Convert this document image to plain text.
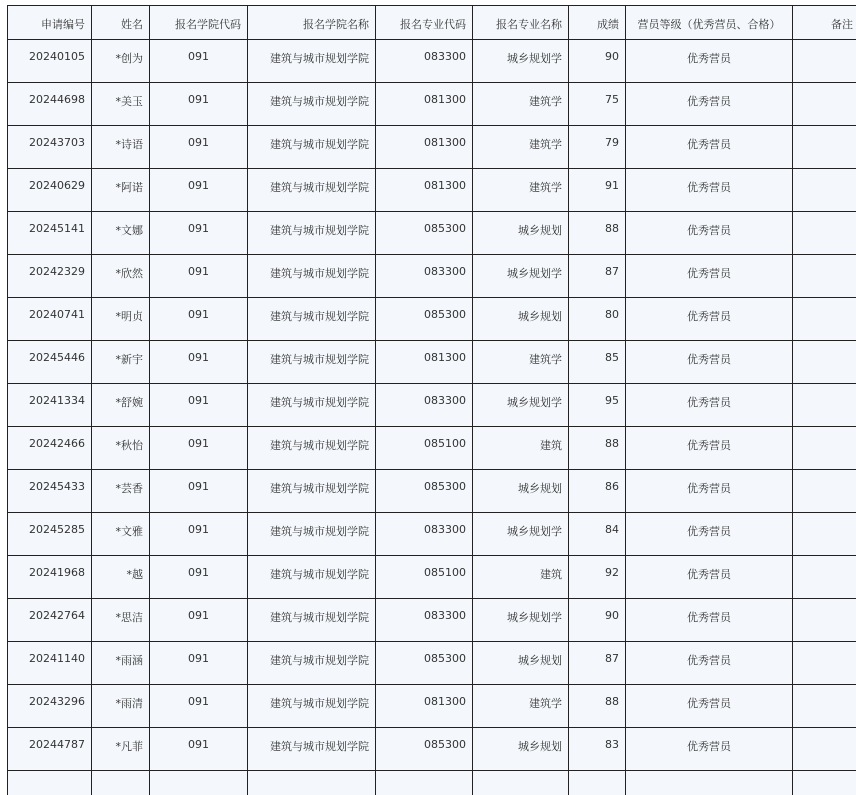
申请编号	姓名	报名学院代码	报名学院名称	报名专业代码	报名专业名称	成绩	营员等级（优秀营员、合格）	备注
20240105	*创为	091	建筑与城市规划学院	083300	城乡规划学	90	优秀营员	
20244698	*美玉	091	建筑与城市规划学院	081300	建筑学	75	优秀营员	
20243703	*诗语	091	建筑与城市规划学院	081300	建筑学	79	优秀营员	
20240629	*阿诺	091	建筑与城市规划学院	081300	建筑学	91	优秀营员	
20245141	*文娜	091	建筑与城市规划学院	085300	城乡规划	88	优秀营员	
20242329	*欣然	091	建筑与城市规划学院	083300	城乡规划学	87	优秀营员	
20240741	*明贞	091	建筑与城市规划学院	085300	城乡规划	80	优秀营员	
20245446	*新宇	091	建筑与城市规划学院	081300	建筑学	85	优秀营员	
20241334	*舒婉	091	建筑与城市规划学院	083300	城乡规划学	95	优秀营员	
20242466	*秋怡	091	建筑与城市规划学院	085100	建筑	88	优秀营员	
20245433	*芸香	091	建筑与城市规划学院	085300	城乡规划	86	优秀营员	
20245285	*文雅	091	建筑与城市规划学院	083300	城乡规划学	84	优秀营员	
20241968	*越	091	建筑与城市规划学院	085100	建筑	92	优秀营员	
20242764	*思洁	091	建筑与城市规划学院	083300	城乡规划学	90	优秀营员	
20241140	*雨涵	091	建筑与城市规划学院	085300	城乡规划	87	优秀营员	
20243296	*雨清	091	建筑与城市规划学院	081300	建筑学	88	优秀营员	
20244787	*凡菲	091	建筑与城市规划学院	085300	城乡规划	83	优秀营员	
